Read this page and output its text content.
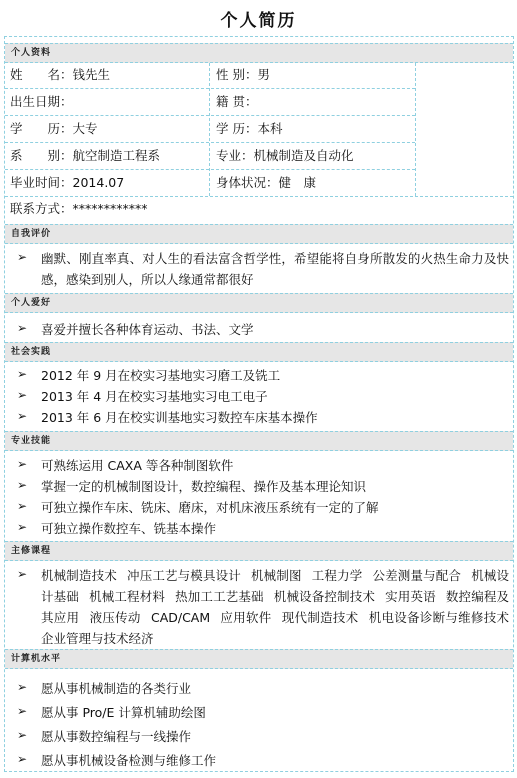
个人简历
个人资料
姓　　名：钱先生	性 别：男
出生日期：	籍 贯：
学　　历：大专	学 历：本科
系　　别：航空制造工程系	专业：机械制造及自动化
毕业时间：2014.07	身体状况：健　康
联系方式：************
自我评价
➢ 幽默、刚直率真、对人生的看法富含哲学性，希望能将自身所散发的火热生命力及快感，感染到别人，所以人缘通常都很好
个人爱好
➢ 喜爱并擅长各种体育运动、书法、文学
社会实践
➢ 2012 年 9 月在校实习基地实习磨工及铣工
➢ 2013 年 4 月在校实习基地实习电工电子
➢ 2013 年 6 月在校实训基地实习数控车床基本操作
专业技能
➢ 可熟练运用 CAXA 等各种制图软件
➢ 掌握一定的机械制图设计，数控编程、操作及基本理论知识
➢ 可独立操作车床、铣床、磨床，对机床液压系统有一定的了解
➢ 可独立操作数控车、铣基本操作
主修课程
➢ 机械制造技术 冲压工艺与模具设计 机械制图 工程力学 公差测量与配合 机械设计基础 机械工程材料 热加工工艺基础 机械设备控制技术 实用英语 数控编程及其应用 液压传动 CAD/CAM 应用软件 现代制造技术 机电设备诊断与维修技术 企业管理与技术经济
计算机水平
➢ 愿从事机械制造的各类行业
➢ 愿从事 Pro/E 计算机辅助绘图
➢ 愿从事数控编程与一线操作
➢ 愿从事机械设备检测与维修工作
